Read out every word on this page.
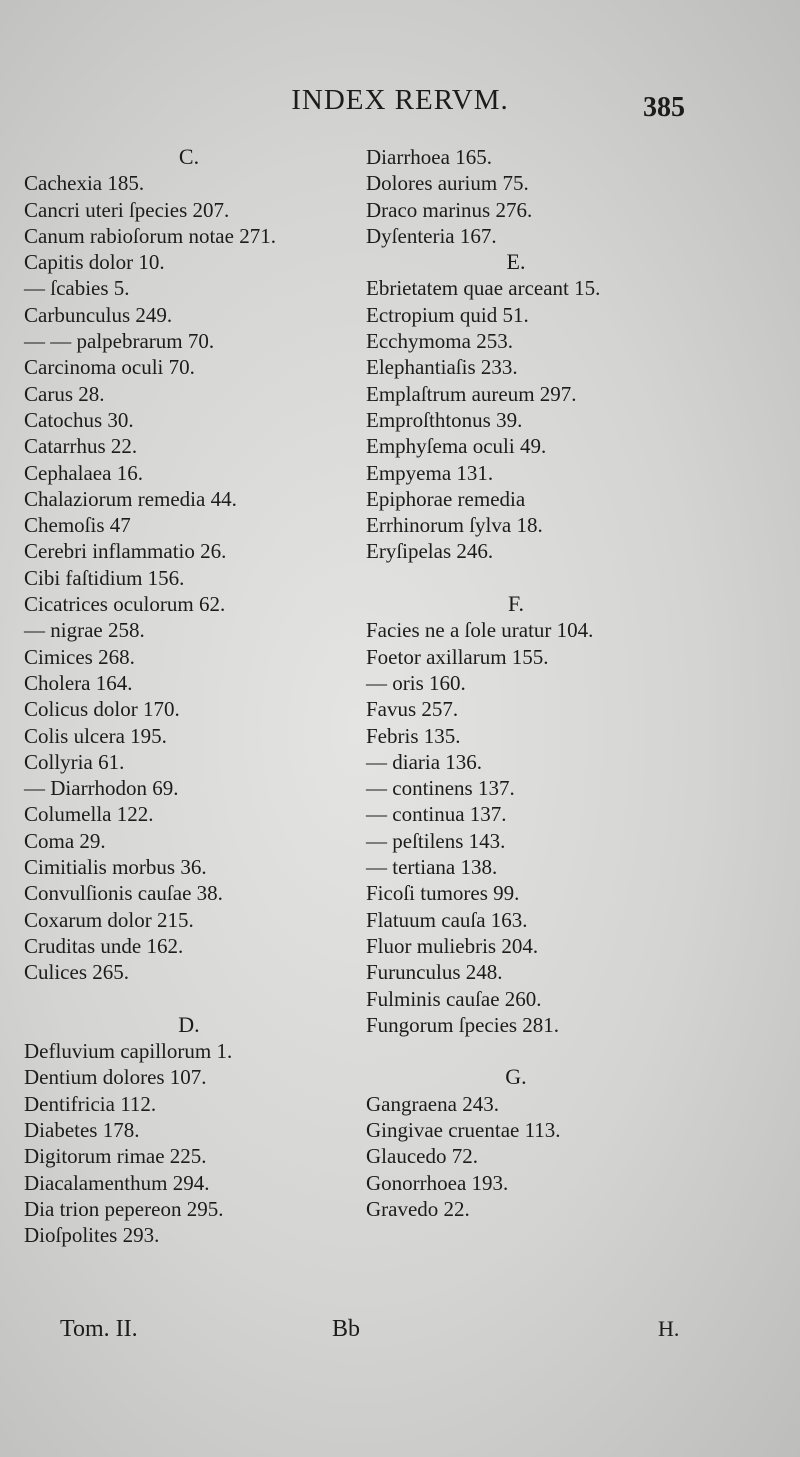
INDEX RERVM.	385
C.
Cachexia 185.
Cancri uteri ſpecies 207.
Canum rabioſorum notae 271.
Capitis dolor 10.
— ſcabies 5.
Carbunculus 249.
— — palpebrarum 70.
Carcinoma oculi 70.
Carus 28.
Catochus 30.
Catarrhus 22.
Cephalaea 16.
Chalaziorum remedia 44.
Chemoſis 47
Cerebri inflammatio 26.
Cibi faſtidium 156.
Cicatrices oculorum 62.
— nigrae 258.
Cimices 268.
Cholera 164.
Colicus dolor 170.
Colis ulcera 195.
Collyria 61.
— Diarrhodon 69.
Columella 122.
Coma 29.
Cimitialis morbus 36.
Convulſionis cauſae 38.
Coxarum dolor 215.
Cruditas unde 162.
Culices 265.
D.
Defluvium capillorum 1.
Dentium dolores 107.
Dentifricia 112.
Diabetes 178.
Digitorum rimae 225.
Diacalamenthum 294.
Dia trion pepereon 295.
Dioſpolites 293.
Diarrhoea 165.
Dolores aurium 75.
Draco marinus 276.
Dyſenteria 167.
E.
Ebrietatem quae arceant 15.
Ectropium quid 51.
Ecchymoma 253.
Elephantiaſis 233.
Emplaſtrum aureum 297.
Emproſthtonus 39.
Emphyſema oculi 49.
Empyema 131.
Epiphorae remedia
Errhinorum ſylva 18.
Eryſipelas 246.
F.
Facies ne a ſole uratur 104.
Foetor axillarum 155.
— oris 160.
Favus 257.
Febris 135.
— diaria 136.
— continens 137.
— continua 137.
— peſtilens 143.
— tertiana 138.
Ficoſi tumores 99.
Flatuum cauſa 163.
Fluor muliebris 204.
Furunculus 248.
Fulminis cauſae 260.
Fungorum ſpecies 281.
G.
Gangraena 243.
Gingivae cruentae 113.
Glaucedo 72.
Gonorrhoea 193.
Gravedo 22.
Tom. II.	Bb	H.
